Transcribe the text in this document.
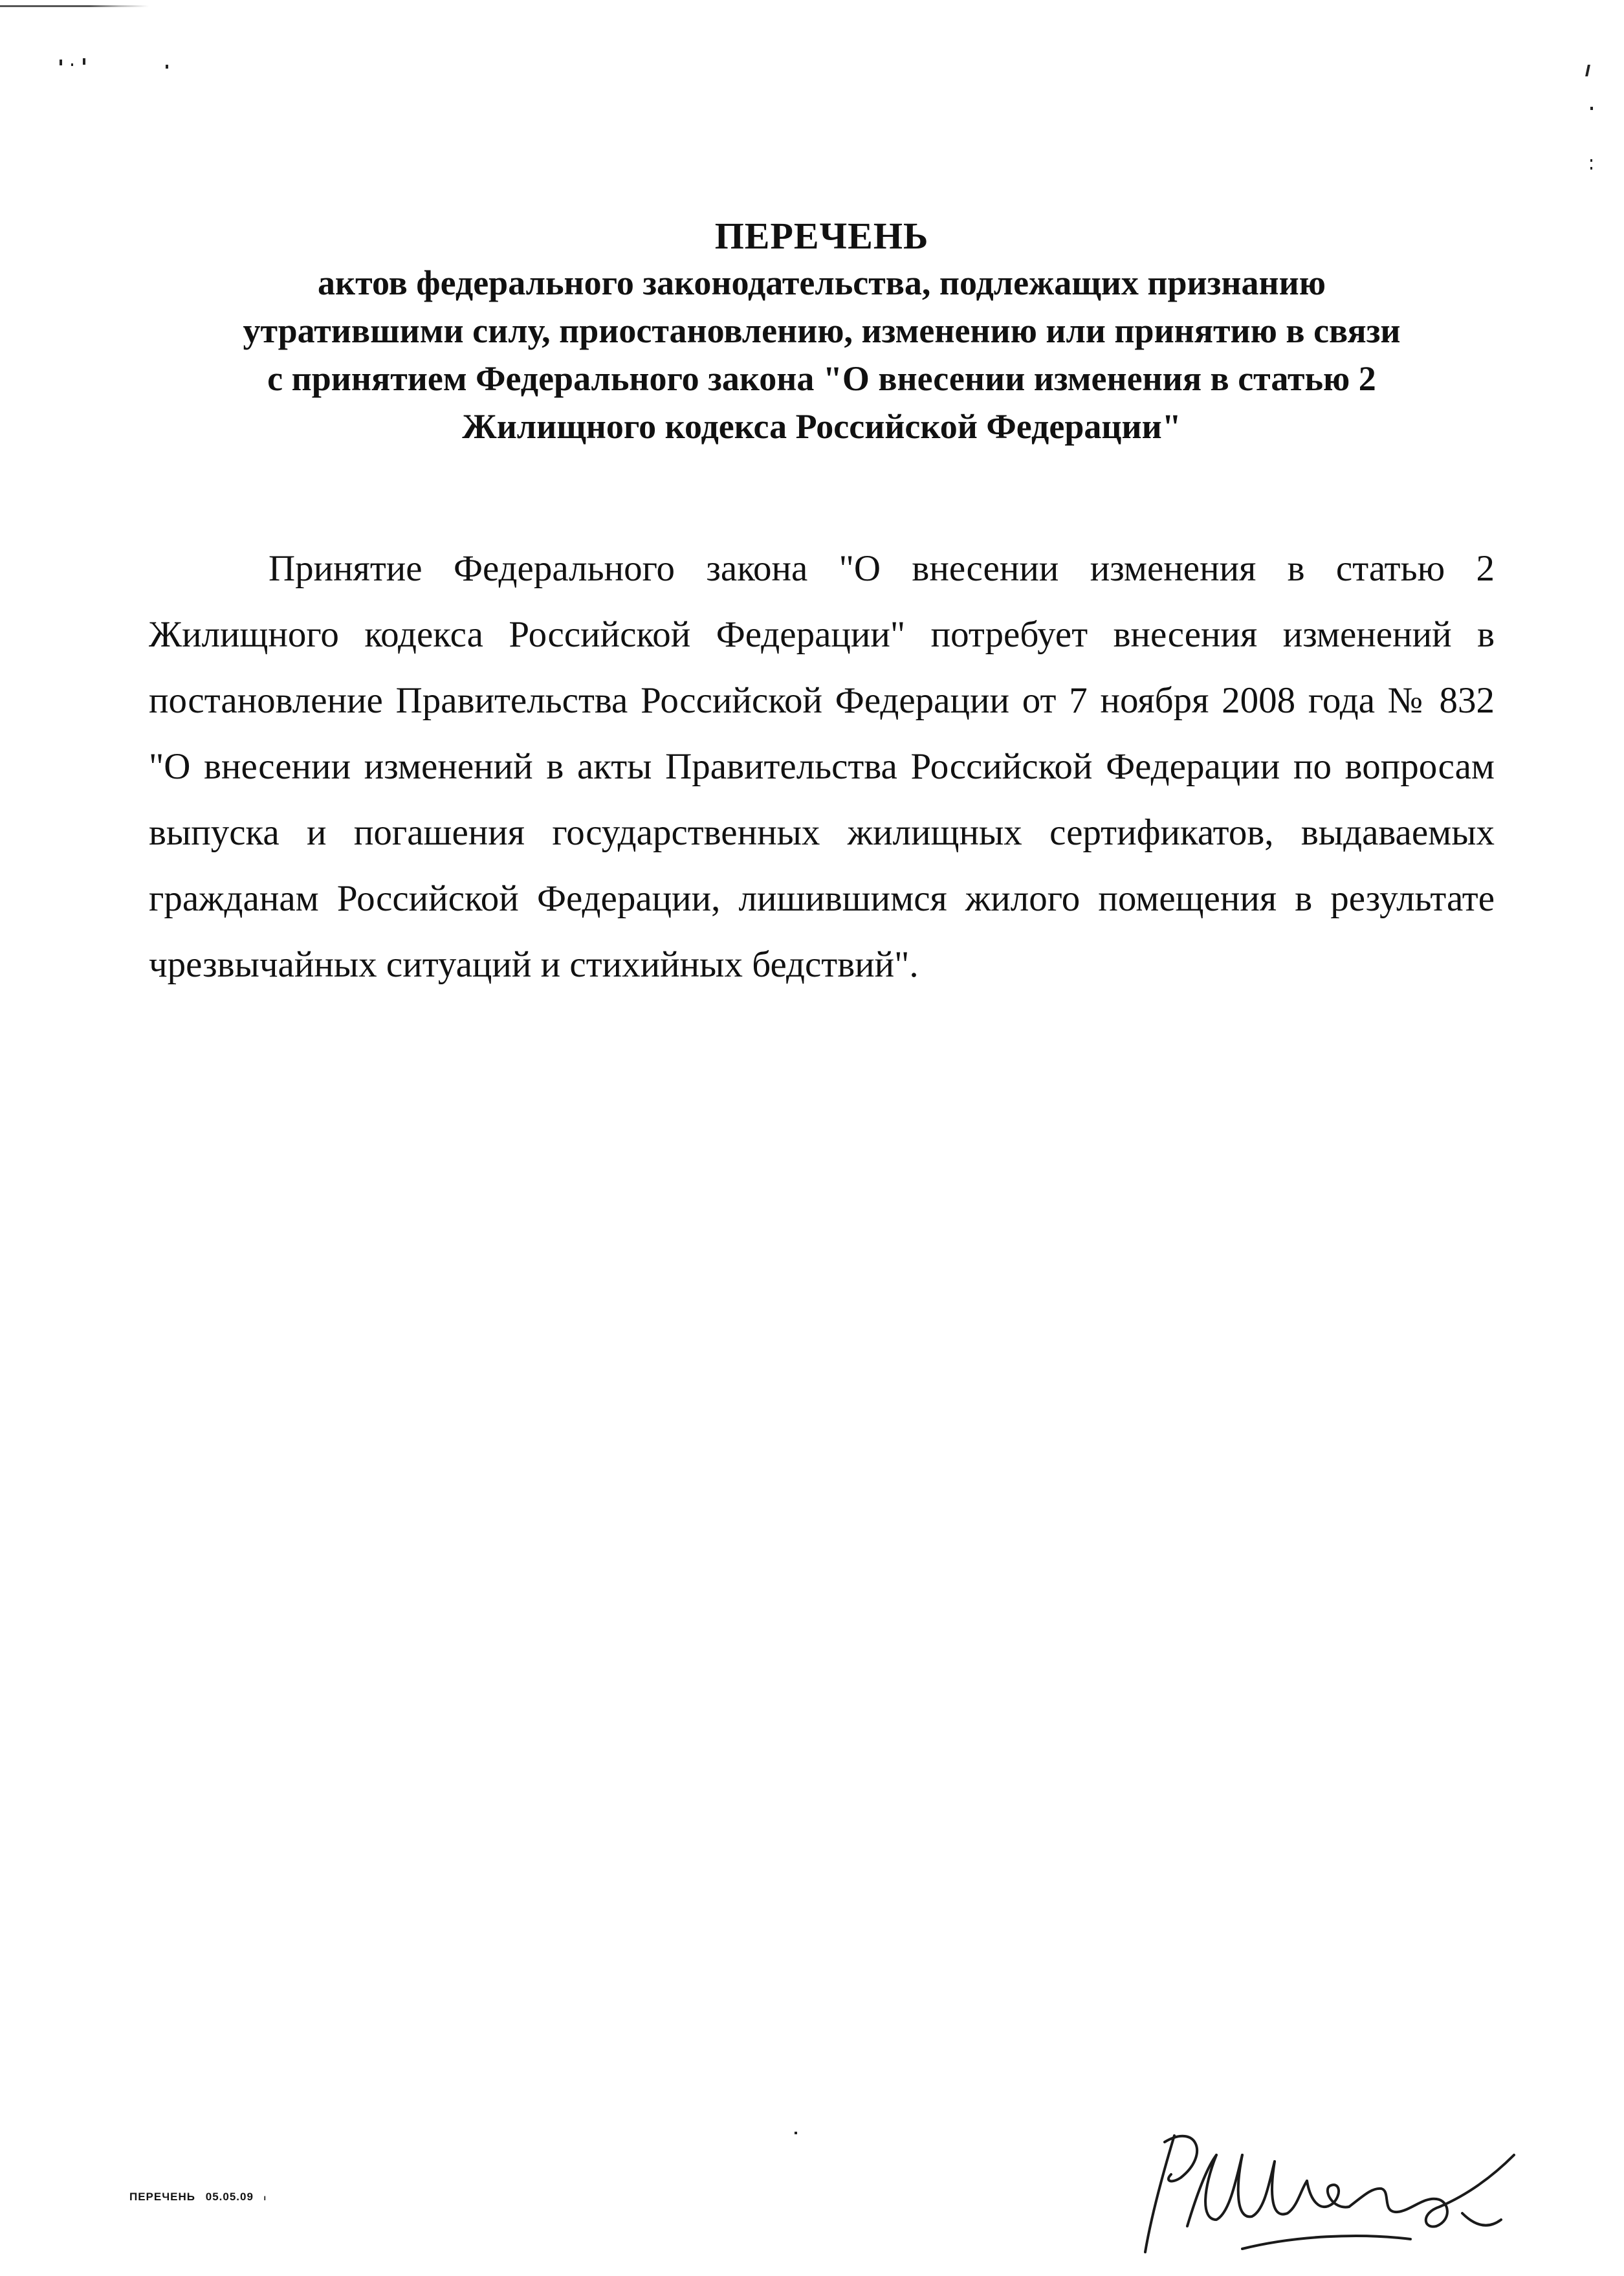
ПЕРЕЧЕНЬ

актов федерального законодательства, подлежащих признанию

утратившими силу, приостановлению, изменению или принятию в связи

с принятием Федерального закона "О внесении изменения в статью 2

Жилищного кодекса Российской Федерации"

Принятие Федерального закона "О внесении изменения в статью 2 Жилищного кодекса Российской Федерации" потребует внесения изменений в постановление Правительства Российской Федерации от 7 ноября 2008 года № 832 "О внесении изменений в акты Правительства Российской Федерации по вопросам выпуска и погашения государственных жилищных сертификатов, выдаваемых гражданам Российской Федерации, лишившимся жилого помещения в результате чрезвычайных ситуаций и стихийных бедствий".

ПЕРЕЧЕНЬ 05.05.09 ı
